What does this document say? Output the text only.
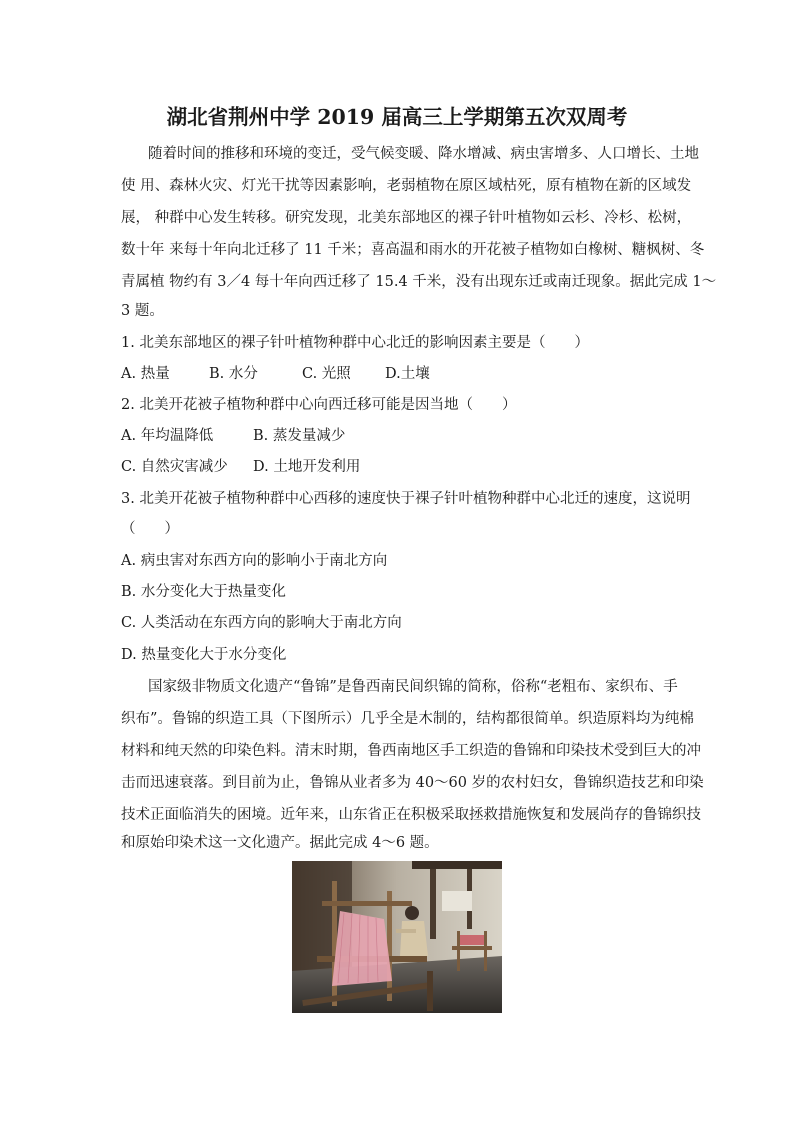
湖北省荆州中学 2019 届高三上学期第五次双周考
随着时间的推移和环境的变迁，受气候变暖、降水增减、病虫害增多、人口增长、土地
使 用、森林火灾、灯光干扰等因素影响，老弱植物在原区域枯死，原有植物在新的区域发
展， 种群中心发生转移。研究发现，北美东部地区的裸子针叶植物如云杉、冷杉、松树，
数十年 来每十年向北迁移了 11 千米；喜高温和雨水的开花被子植物如白橡树、糖枫树、冬
青属植 物约有 3／4 每十年向西迁移了 15.4 千米，没有出现东迁或南迁现象。据此完成 1～
3 题。
1. 北美东部地区的裸子针叶植物种群中心北迁的影响因素主要是（　　）
A. 热量	B. 水分	C. 光照 D.土壤
2. 北美开花被子植物种群中心向西迁移可能是因当地（　　）
A. 年均温降低	B. 蒸发量减少
C. 自然灾害减少 D. 土地开发利用
3. 北美开花被子植物种群中心西移的速度快于裸子针叶植物种群中心北迁的速度，这说明
（　　）
A. 病虫害对东西方向的影响小于南北方向
B. 水分变化大于热量变化
C. 人类活动在东西方向的影响大于南北方向
D. 热量变化大于水分变化
国家级非物质文化遗产“鲁锦”是鲁西南民间织锦的简称，俗称“老粗布、家织布、手
织布”。鲁锦的织造工具（下图所示）几乎全是木制的，结构都很简单。织造原料均为纯棉
材料和纯天然的印染色料。清末时期，鲁西南地区手工织造的鲁锦和印染技术受到巨大的冲
击而迅速衰落。到目前为止，鲁锦从业者多为 40～60 岁的农村妇女，鲁锦织造技艺和印染
技术正面临消失的困境。近年来，山东省正在积极采取拯救措施恢复和发展尚存的鲁锦织技
和原始印染术这一文化遗产。据此完成 4～6 题。
